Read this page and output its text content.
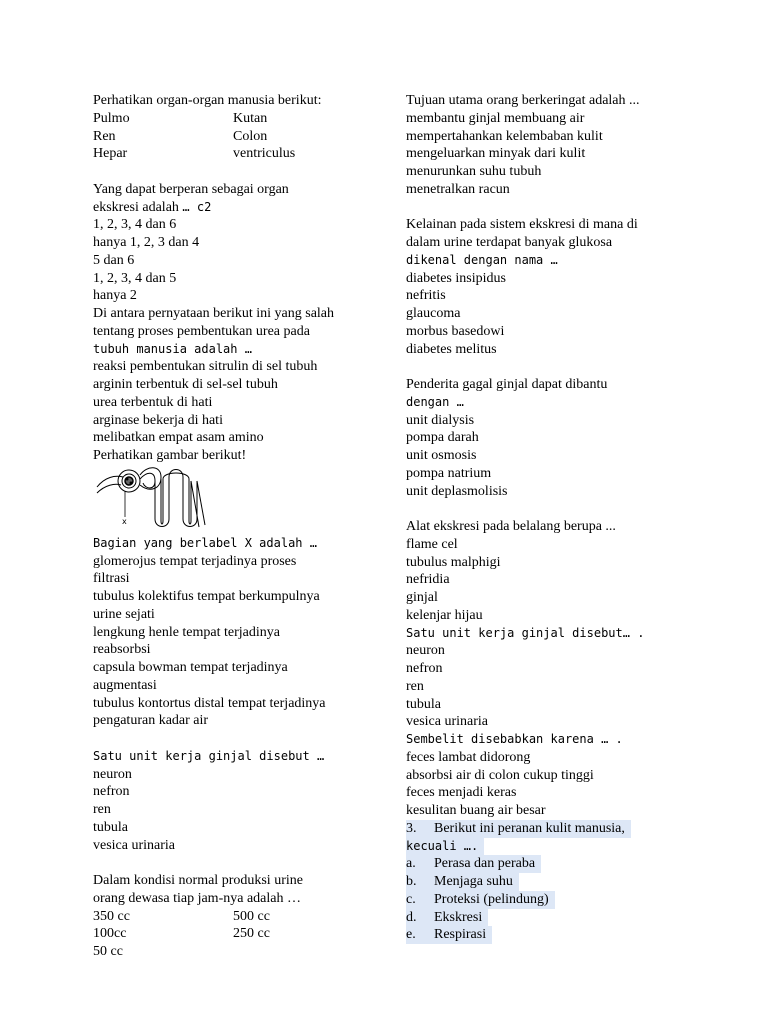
Perhatikan organ-organ manusia berikut:
Pulmo	Kutan
Ren	Colon
Hepar	ventriculus
Yang dapat berperan sebagai organ
ekskresi adalah … c2
1, 2, 3, 4 dan 6
hanya 1, 2, 3 dan 4
5 dan 6
1, 2, 3, 4 dan 5
hanya 2
Di antara pernyataan berikut ini yang salah
tentang proses pembentukan urea pada
tubuh manusia adalah …
reaksi pembentukan sitrulin di sel tubuh
arginin terbentuk di sel-sel tubuh
urea terbentuk di hati
arginase bekerja di hati
melibatkan empat asam amino
Perhatikan gambar berikut!
x
Bagian yang berlabel X adalah …
glomerojus tempat terjadinya proses
filtrasi
tubulus kolektifus tempat berkumpulnya
urine sejati
lengkung henle tempat terjadinya
reabsorbsi
capsula bowman tempat terjadinya
augmentasi
tubulus kontortus distal tempat terjadinya
pengaturan kadar air
Satu unit kerja ginjal disebut …
neuron
nefron
ren
tubula
vesica urinaria
Dalam kondisi normal produksi urine
orang dewasa tiap jam-nya adalah …
350 cc	500 cc
100cc	250 cc
50 cc
Tujuan utama orang berkeringat adalah ...
membantu ginjal membuang air
mempertahankan kelembaban kulit
mengeluarkan minyak dari kulit
menurunkan suhu tubuh
menetralkan racun
Kelainan pada sistem ekskresi di mana di
dalam urine terdapat banyak glukosa
dikenal dengan nama …
diabetes insipidus
nefritis
glaucoma
morbus basedowi
diabetes melitus
Penderita gagal ginjal dapat dibantu
dengan …
unit dialysis
pompa darah
unit osmosis
pompa natrium
unit deplasmolisis
Alat ekskresi pada belalang berupa ...
flame cel
tubulus malphigi
nefridia
ginjal
kelenjar hijau
Satu unit kerja ginjal disebut… .
neuron
nefron
ren
tubula
vesica urinaria
Sembelit disebabkan karena … .
feces lambat didorong
absorbsi air di colon cukup tinggi
feces menjadi keras
kesulitan buang air besar
3. Berikut ini peranan kulit manusia,
kecuali ….
a. Perasa dan peraba
b. Menjaga suhu
c. Proteksi (pelindung)
d. Ekskresi
e. Respirasi
